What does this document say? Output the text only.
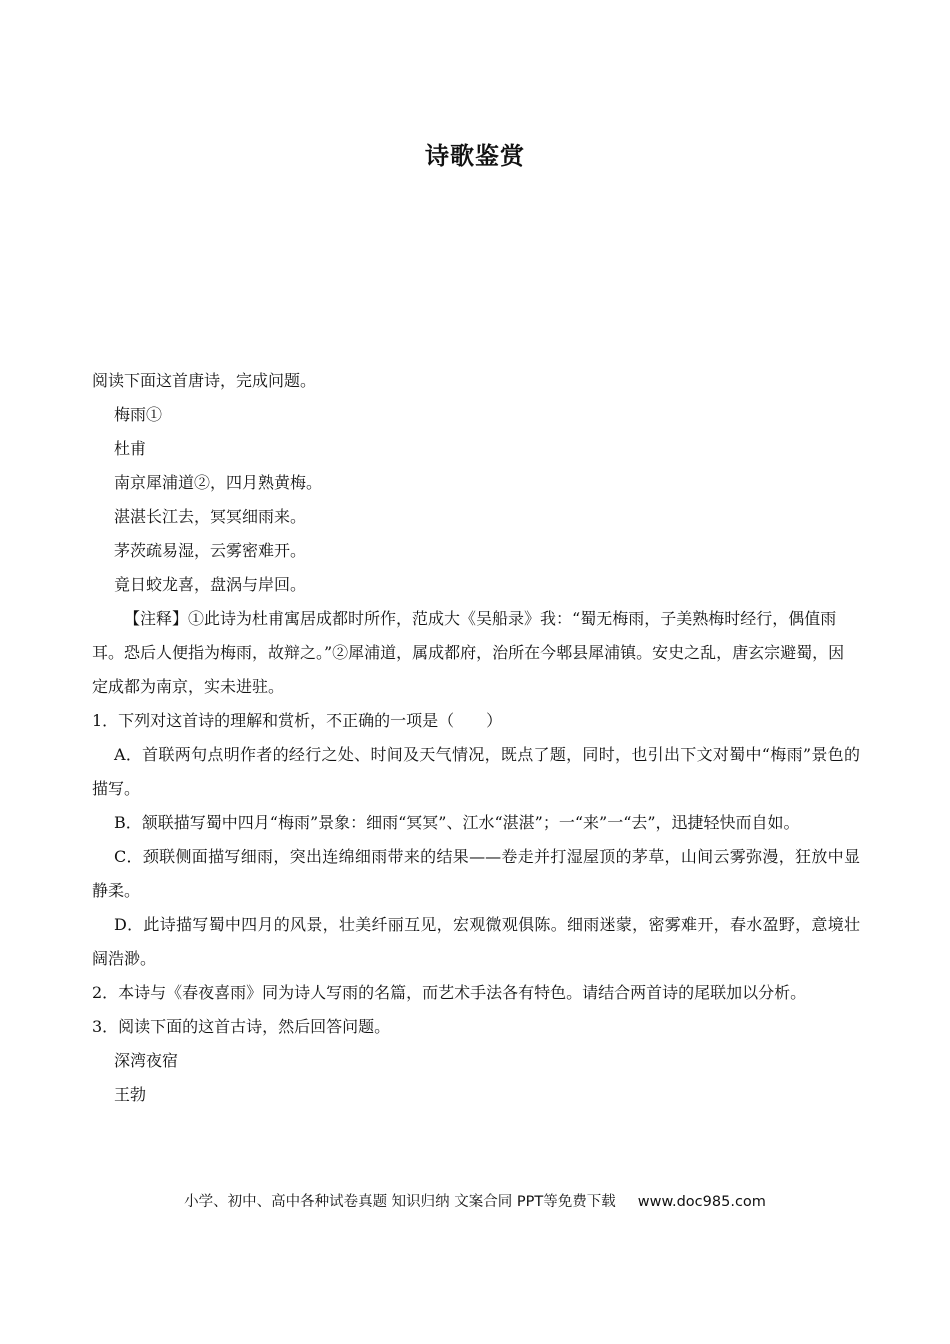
诗歌鉴赏

阅读下面这首唐诗，完成问题。

梅雨①

杜甫

南京犀浦道②，四月熟黄梅。

湛湛长江去，冥冥细雨来。

茅茨疏易湿，云雾密难开。

竟日蛟龙喜，盘涡与岸回。

【注释】①此诗为杜甫寓居成都时所作，范成大《吴船录》我：“蜀无梅雨，子美熟梅时经行，偶值雨耳。恐后人便指为梅雨，故辩之。”②犀浦道，属成都府，治所在今郫县犀浦镇。安史之乱，唐玄宗避蜀，因定成都为南京，实未进驻。

1．下列对这首诗的理解和赏析，不正确的一项是（　　）

A．首联两句点明作者的经行之处、时间及天气情况，既点了题，同时，也引出下文对蜀中“梅雨”景色的描写。

B．颔联描写蜀中四月“梅雨”景象：细雨“冥冥”、江水“湛湛”；一“来”一“去”，迅捷轻快而自如。

C．颈联侧面描写细雨，突出连绵细雨带来的结果——卷走并打湿屋顶的茅草，山间云雾弥漫，狂放中显静柔。

D．此诗描写蜀中四月的风景，壮美纤丽互见，宏观微观俱陈。细雨迷蒙，密雾难开，春水盈野，意境壮阔浩渺。

2．本诗与《春夜喜雨》同为诗人写雨的名篇，而艺术手法各有特色。请结合两首诗的尾联加以分析。

3．阅读下面的这首古诗，然后回答问题。

深湾夜宿

王勃

小学、初中、高中各种试卷真题 知识归纳 文案合同 PPT等免费下载 www.doc985.com
